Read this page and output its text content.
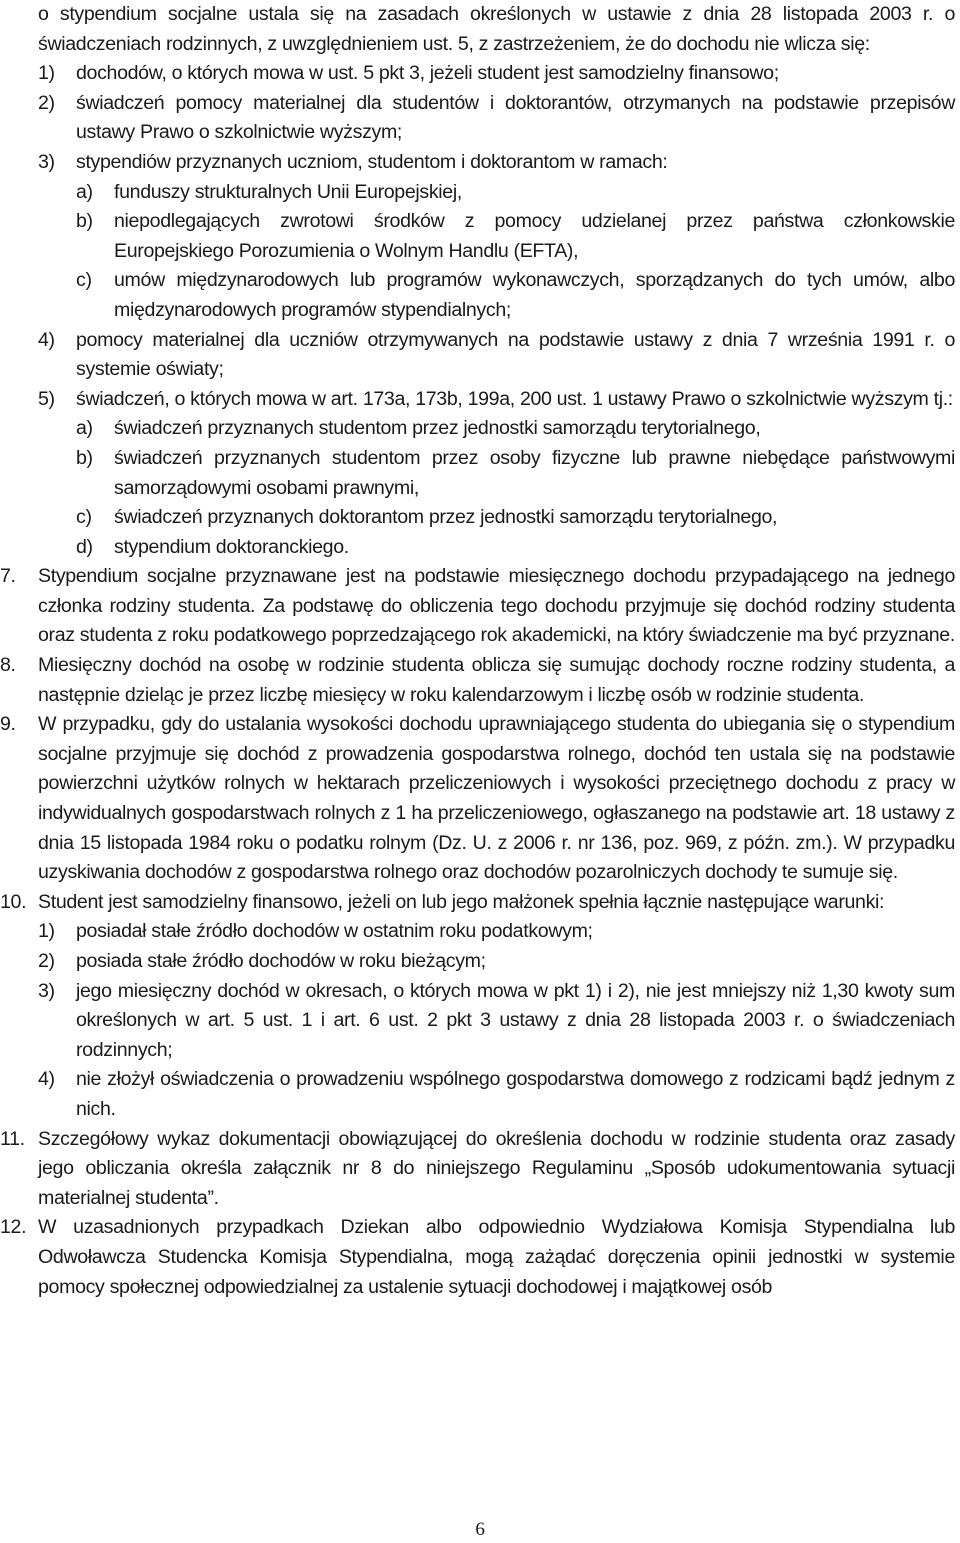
o stypendium socjalne ustala się na zasadach określonych w ustawie z dnia 28 listopada 2003 r. o świadczeniach rodzinnych, z uwzględnieniem ust. 5, z zastrzeżeniem, że do dochodu nie wlicza się:
1) dochodów, o których mowa w ust. 5 pkt 3, jeżeli student jest samodzielny finansowo;
2) świadczeń pomocy materialnej dla studentów i doktorantów, otrzymanych na podstawie przepisów ustawy Prawo o szkolnictwie wyższym;
3) stypendiów przyznanych uczniom, studentom i doktorantom w ramach:
a) funduszy strukturalnych Unii Europejskiej,
b) niepodlegających zwrotowi środków z pomocy udzielanej przez państwa członkowskie Europejskiego Porozumienia o Wolnym Handlu (EFTA),
c) umów międzynarodowych lub programów wykonawczych, sporządzanych do tych umów, albo międzynarodowych programów stypendialnych;
4) pomocy materialnej dla uczniów otrzymywanych na podstawie ustawy z dnia 7 września 1991 r. o systemie oświaty;
5) świadczeń, o których mowa w art. 173a, 173b, 199a, 200 ust. 1 ustawy Prawo o szkolnictwie wyższym tj.:
a) świadczeń przyznanych studentom przez jednostki samorządu terytorialnego,
b) świadczeń przyznanych studentom przez osoby fizyczne lub prawne niebędące państwowymi samorządowymi osobami prawnymi,
c) świadczeń przyznanych doktorantom przez jednostki samorządu terytorialnego,
d) stypendium doktoranckiego.
7. Stypendium socjalne przyznawane jest na podstawie miesięcznego dochodu przypadającego na jednego członka rodziny studenta. Za podstawę do obliczenia tego dochodu przyjmuje się dochód rodziny studenta oraz studenta z roku podatkowego poprzedzającego rok akademicki, na który świadczenie ma być przyznane.
8. Miesięczny dochód na osobę w rodzinie studenta oblicza się sumując dochody roczne rodziny studenta, a następnie dzieląc je przez liczbę miesięcy w roku kalendarzowym i liczbę osób w rodzinie studenta.
9. W przypadku, gdy do ustalania wysokości dochodu uprawniającego studenta do ubiegania się o stypendium socjalne przyjmuje się dochód z prowadzenia gospodarstwa rolnego, dochód ten ustala się na podstawie powierzchni użytków rolnych w hektarach przeliczeniowych i wysokości przeciętnego dochodu z pracy w indywidualnych gospodarstwach rolnych z 1 ha przeliczeniowego, ogłaszanego na podstawie art. 18 ustawy z dnia 15 listopada 1984 roku o podatku rolnym (Dz. U. z 2006 r. nr 136, poz. 969, z późn. zm.). W przypadku uzyskiwania dochodów z gospodarstwa rolnego oraz dochodów pozarolniczych dochody te sumuje się.
10. Student jest samodzielny finansowo, jeżeli on lub jego małżonek spełnia łącznie następujące warunki:
1) posiadał stałe źródło dochodów w ostatnim roku podatkowym;
2) posiada stałe źródło dochodów w roku bieżącym;
3) jego miesięczny dochód w okresach, o których mowa w pkt 1) i 2), nie jest mniejszy niż 1,30 kwoty sum określonych w art. 5 ust. 1 i art. 6 ust. 2 pkt 3 ustawy z dnia 28 listopada 2003 r. o świadczeniach rodzinnych;
4) nie złożył oświadczenia o prowadzeniu wspólnego gospodarstwa domowego z rodzicami bądź jednym z nich.
11. Szczegółowy wykaz dokumentacji obowiązującej do określenia dochodu w rodzinie studenta oraz zasady jego obliczania określa załącznik nr 8 do niniejszego Regulaminu „Sposób udokumentowania sytuacji materialnej studenta”.
12. W uzasadnionych przypadkach Dziekan albo odpowiednio Wydziałowa Komisja Stypendialna lub Odwoławcza Studencka Komisja Stypendialna, mogą zażądać doręczenia opinii jednostki w systemie pomocy społecznej odpowiedzialnej za ustalenie sytuacji dochodowej i majątkowej osób
6
